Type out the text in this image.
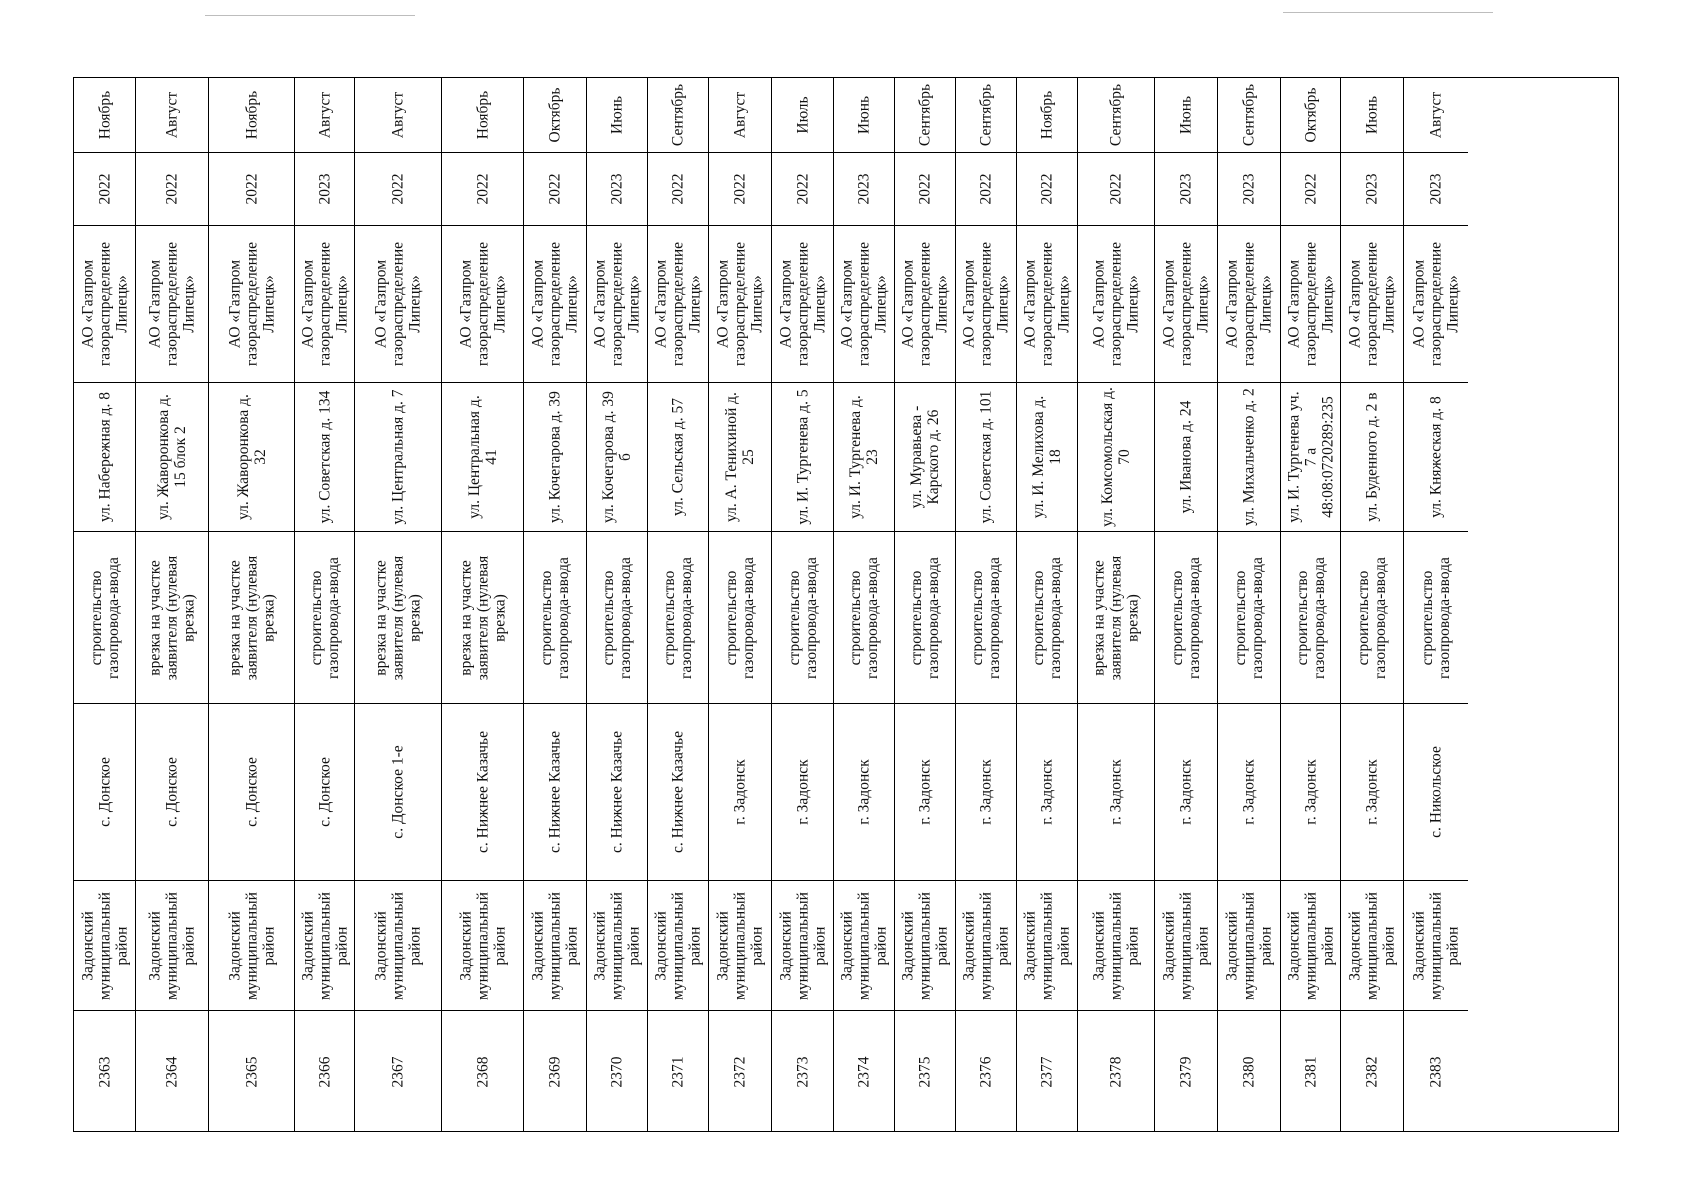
Ноябрь
2022
АО «Газпром газораспределение Липецк»
ул. Набережная д. 8
строительство газопровода-ввода
с. Донское
Задонский муниципальный район
2363
Август
2022
АО «Газпром газораспределение Липецк»
ул. Жаворонкова д. 15 блок 2
врезка на участке заявителя (нулевая врезка)
с. Донское
Задонский муниципальный район
2364
Ноябрь
2022
АО «Газпром газораспределение Липецк»
ул. Жаворонкова д. 32
врезка на участке заявителя (нулевая врезка)
с. Донское
Задонский муниципальный район
2365
Август
2023
АО «Газпром газораспределение Липецк»
ул. Советская д. 134
строительство газопровода-ввода
с. Донское
Задонский муниципальный район
2366
Август
2022
АО «Газпром газораспределение Липецк»
ул. Центральная д. 7
врезка на участке заявителя (нулевая врезка)
с. Донское 1-е
Задонский муниципальный район
2367
Ноябрь
2022
АО «Газпром газораспределение Липецк»
ул. Центральная д. 41
врезка на участке заявителя (нулевая врезка)
с. Нижнее Казачье
Задонский муниципальный район
2368
Октябрь
2022
АО «Газпром газораспределение Липецк»
ул. Кочегарова д. 39
строительство газопровода-ввода
с. Нижнее Казачье
Задонский муниципальный район
2369
Июнь
2023
АО «Газпром газораспределение Липецк»
ул. Кочегарова д. 39 б
строительство газопровода-ввода
с. Нижнее Казачье
Задонский муниципальный район
2370
Сентябрь
2022
АО «Газпром газораспределение Липецк»
ул. Сельская д. 57
строительство газопровода-ввода
с. Нижнее Казачье
Задонский муниципальный район
2371
Август
2022
АО «Газпром газораспределение Липецк»
ул. А. Тенихиной д. 25
строительство газопровода-ввода
г. Задонск
Задонский муниципальный район
2372
Июль
2022
АО «Газпром газораспределение Липецк»
ул. И. Тургенева д. 5
строительство газопровода-ввода
г. Задонск
Задонский муниципальный район
2373
Июнь
2023
АО «Газпром газораспределение Липецк»
ул. И. Тургенева д. 23
строительство газопровода-ввода
г. Задонск
Задонский муниципальный район
2374
Сентябрь
2022
АО «Газпром газораспределение Липецк»
ул. Муравьева - Карского д. 26
строительство газопровода-ввода
г. Задонск
Задонский муниципальный район
2375
Сентябрь
2022
АО «Газпром газораспределение Липецк»
ул. Советская д. 101
строительство газопровода-ввода
г. Задонск
Задонский муниципальный район
2376
Ноябрь
2022
АО «Газпром газораспределение Липецк»
ул. И. Мелихова д. 18
строительство газопровода-ввода
г. Задонск
Задонский муниципальный район
2377
Сентябрь
2022
АО «Газпром газораспределение Липецк»
ул. Комсомольская д. 70
врезка на участке заявителя (нулевая врезка)
г. Задонск
Задонский муниципальный район
2378
Июнь
2023
АО «Газпром газораспределение Липецк»
ул. Иванова д. 24
строительство газопровода-ввода
г. Задонск
Задонский муниципальный район
2379
Сентябрь
2023
АО «Газпром газораспределение Липецк»
ул. Михальченко д. 2
строительство газопровода-ввода
г. Задонск
Задонский муниципальный район
2380
Октябрь
2022
АО «Газпром газораспределение Липецк»
ул. И. Тургенева уч. 7 а 48:08:0720289:235
строительство газопровода-ввода
г. Задонск
Задонский муниципальный район
2381
Июнь
2023
АО «Газпром газораспределение Липецк»
ул. Буденного д. 2 в
строительство газопровода-ввода
г. Задонск
Задонский муниципальный район
2382
Август
2023
АО «Газпром газораспределение Липецк»
ул. Княжеская д. 8
строительство газопровода-ввода
с. Никольское
Задонский муниципальный район
2383
